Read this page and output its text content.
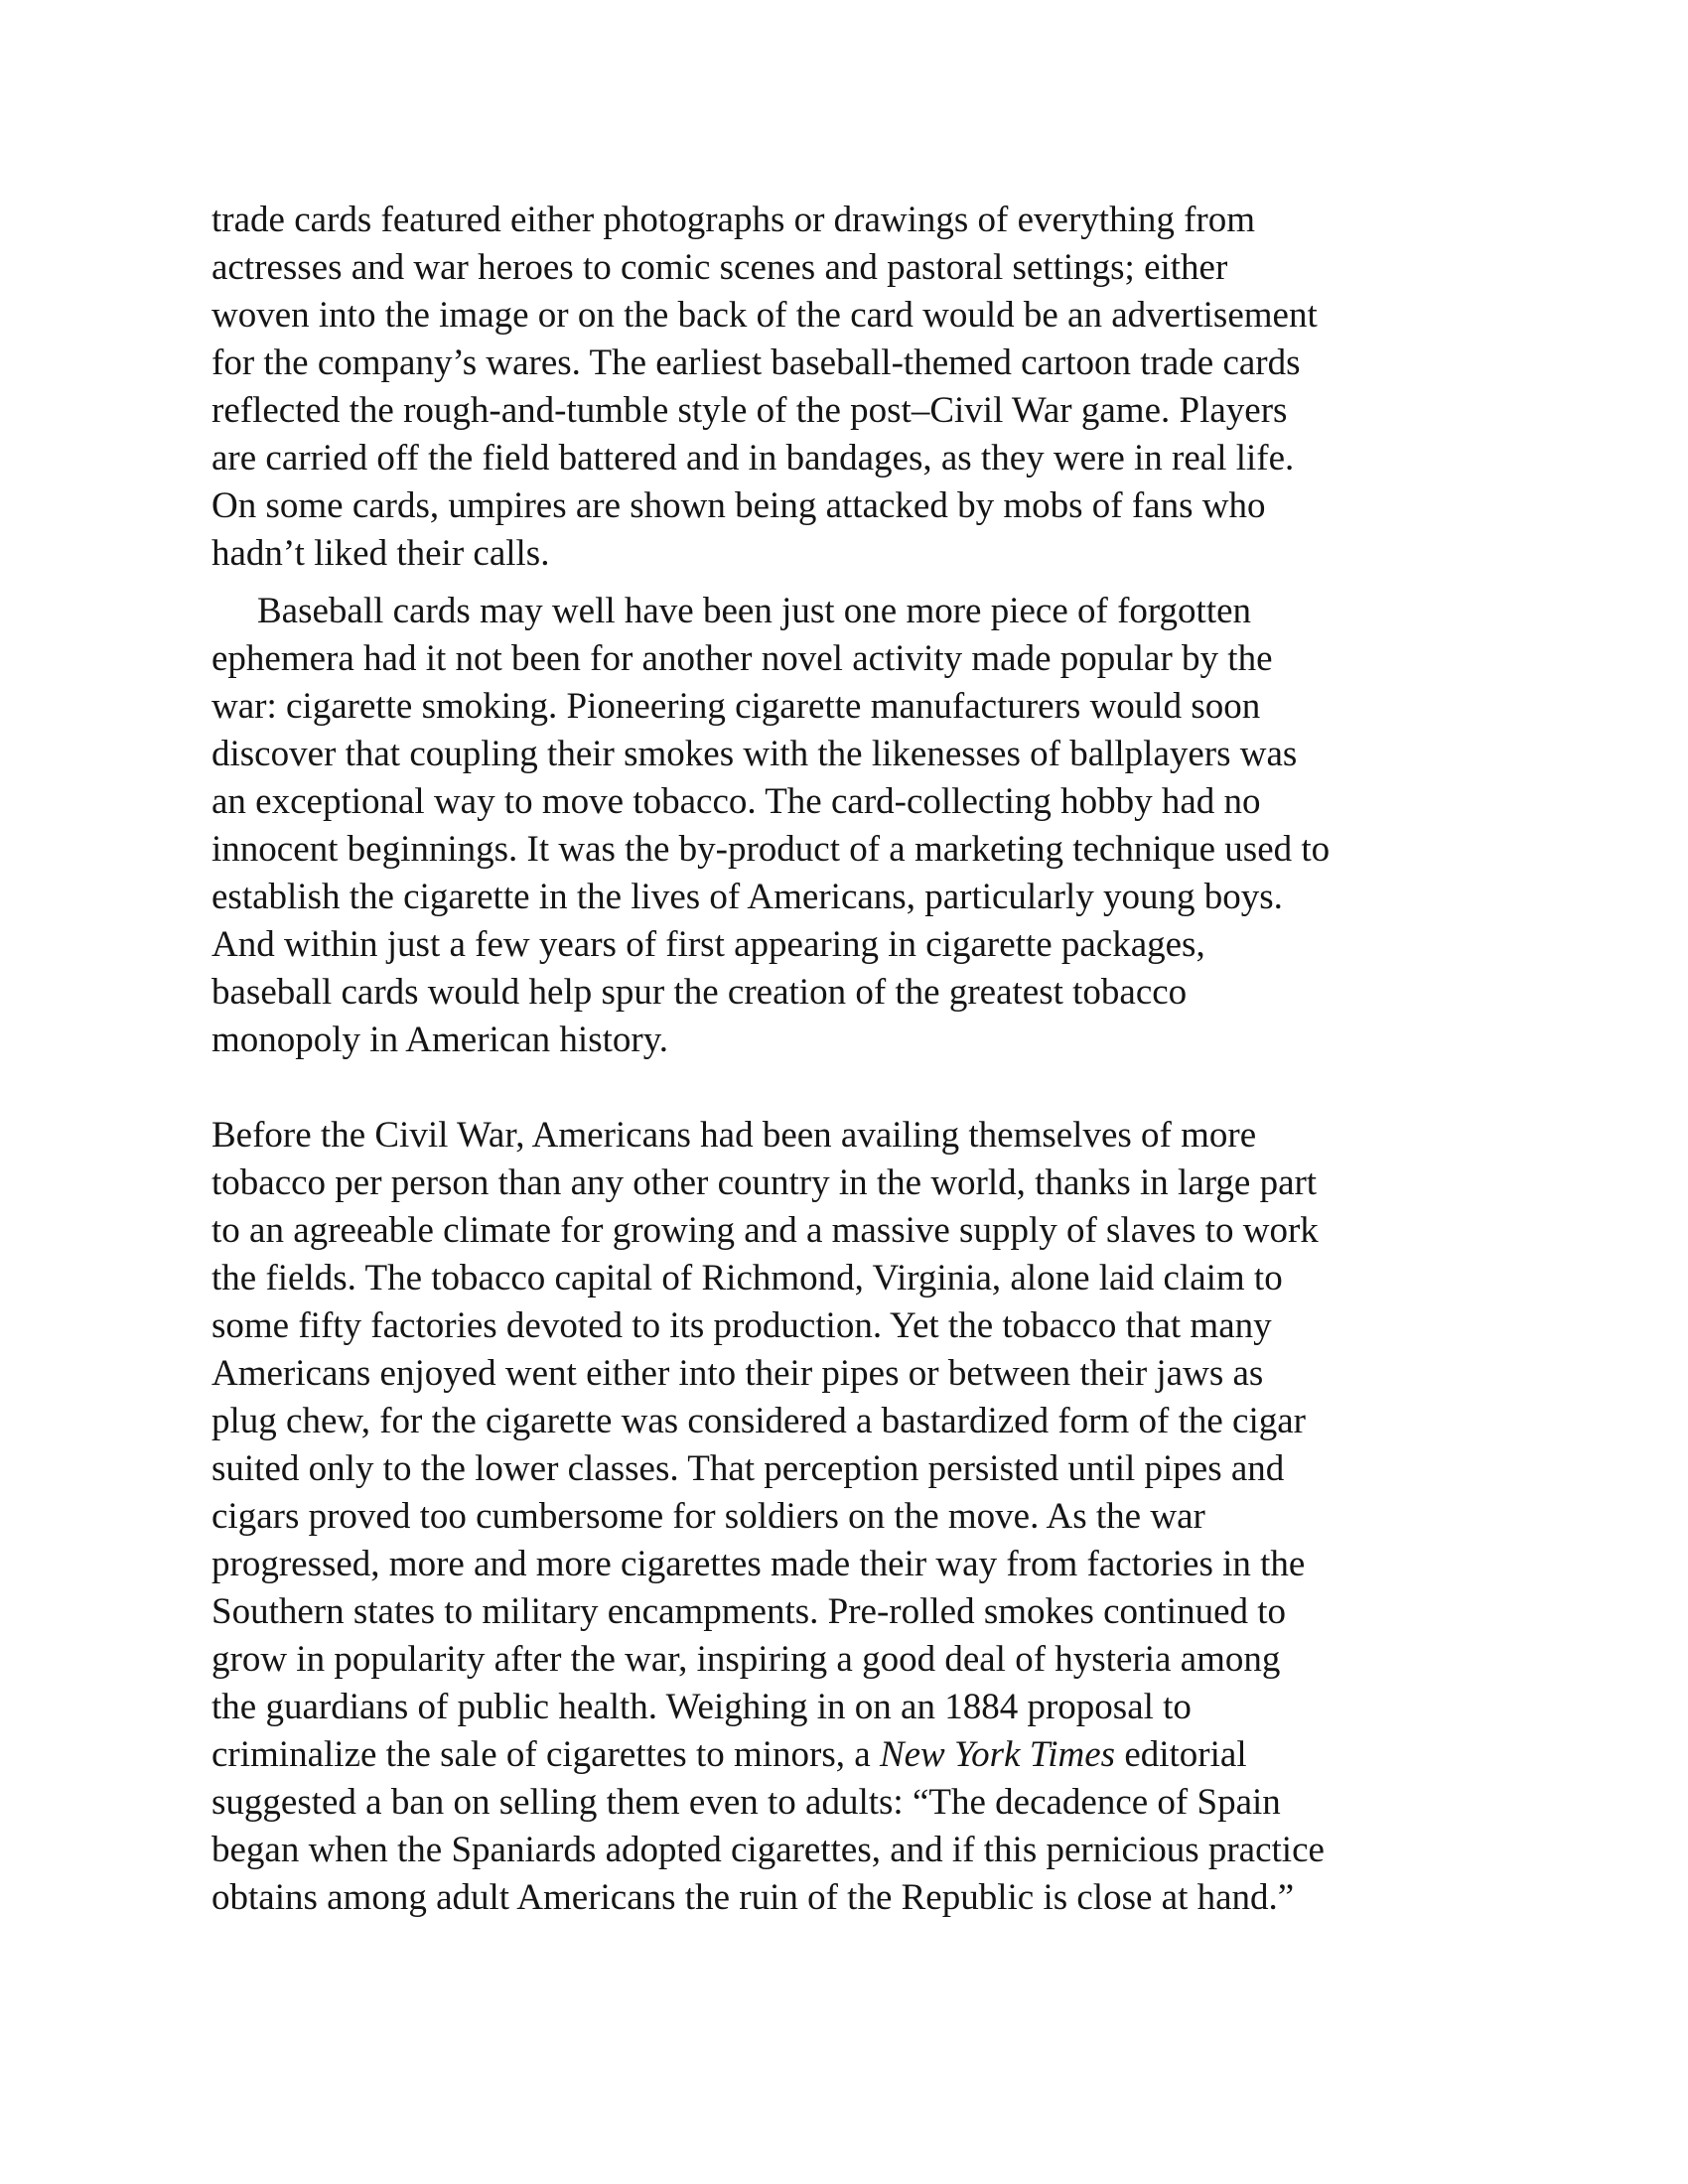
trade cards featured either photographs or drawings of everything from
actresses and war heroes to comic scenes and pastoral settings; either
woven into the image or on the back of the card would be an advertisement
for the company’s wares. The earliest baseball-themed cartoon trade cards
reflected the rough-and-tumble style of the post–Civil War game. Players
are carried off the field battered and in bandages, as they were in real life.
On some cards, umpires are shown being attacked by mobs of fans who
hadn’t liked their calls.

Baseball cards may well have been just one more piece of forgotten
ephemera had it not been for another novel activity made popular by the
war: cigarette smoking. Pioneering cigarette manufacturers would soon
discover that coupling their smokes with the likenesses of ballplayers was
an exceptional way to move tobacco. The card-collecting hobby had no
innocent beginnings. It was the by-product of a marketing technique used to
establish the cigarette in the lives of Americans, particularly young boys.
And within just a few years of first appearing in cigarette packages,
baseball cards would help spur the creation of the greatest tobacco
monopoly in American history.

Before the Civil War, Americans had been availing themselves of more
tobacco per person than any other country in the world, thanks in large part
to an agreeable climate for growing and a massive supply of slaves to work
the fields. The tobacco capital of Richmond, Virginia, alone laid claim to
some fifty factories devoted to its production. Yet the tobacco that many
Americans enjoyed went either into their pipes or between their jaws as
plug chew, for the cigarette was considered a bastardized form of the cigar
suited only to the lower classes. That perception persisted until pipes and
cigars proved too cumbersome for soldiers on the move. As the war
progressed, more and more cigarettes made their way from factories in the
Southern states to military encampments. Pre-rolled smokes continued to
grow in popularity after the war, inspiring a good deal of hysteria among
the guardians of public health. Weighing in on an 1884 proposal to
criminalize the sale of cigarettes to minors, a New York Times editorial
suggested a ban on selling them even to adults: “The decadence of Spain
began when the Spaniards adopted cigarettes, and if this pernicious practice
obtains among adult Americans the ruin of the Republic is close at hand.”
